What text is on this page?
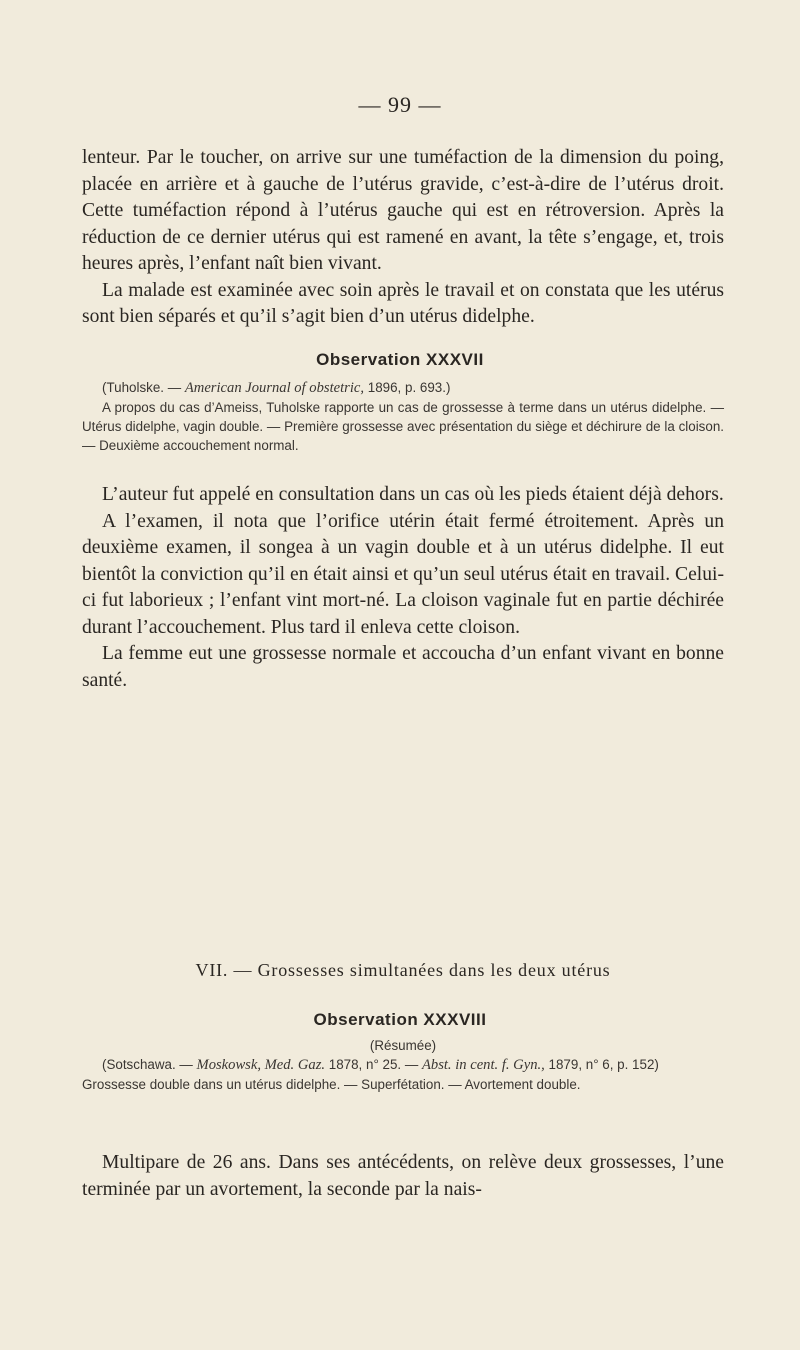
— 99 —

lenteur. Par le toucher, on arrive sur une tuméfaction de la dimension du poing, placée en arrière et à gauche de l’utérus gravide, c’est-à-dire de l’utérus droit. Cette tuméfaction répond à l’utérus gauche qui est en rétroversion. Après la réduction de ce dernier utérus qui est ramené en avant, la tête s’engage, et, trois heures après, l’enfant naît bien vivant.

La malade est examinée avec soin après le travail et on constata que les utérus sont bien séparés et qu’il s’agit bien d’un utérus didelphe.

Observation XXXVII

(Tuholske. — American Journal of obstetric, 1896, p. 693.)

A propos du cas d’Ameiss, Tuholske rapporte un cas de grossesse à terme dans un utérus didelphe. — Utérus didelphe, vagin double. — Première grossesse avec présentation du siège et déchirure de la cloison. — Deuxième accouchement normal.

L’auteur fut appelé en consultation dans un cas où les pieds étaient déjà dehors.

A l’examen, il nota que l’orifice utérin était fermé étroitement. Après un deuxième examen, il songea à un vagin double et à un utérus didelphe. Il eut bientôt la conviction qu’il en était ainsi et qu’un seul utérus était en travail. Celui-ci fut laborieux ; l’enfant vint mort-né. La cloison vaginale fut en partie déchirée durant l’accouchement. Plus tard il enleva cette cloison.

La femme eut une grossesse normale et accoucha d’un enfant vivant en bonne santé.

VII. — Grossesses simultanées dans les deux utérus
Observation XXXVIII

(Résumée)

(Sotschawa. — Moskowsk, Med. Gaz. 1878, n° 25. — Abst. in cent. f. Gyn., 1879, n° 6, p. 152)

Grossesse double dans un utérus didelphe. — Superfétation. — Avortement double.

Multipare de 26 ans. Dans ses antécédents, on relève deux grossesses, l’une terminée par un avortement, la seconde par la nais-
